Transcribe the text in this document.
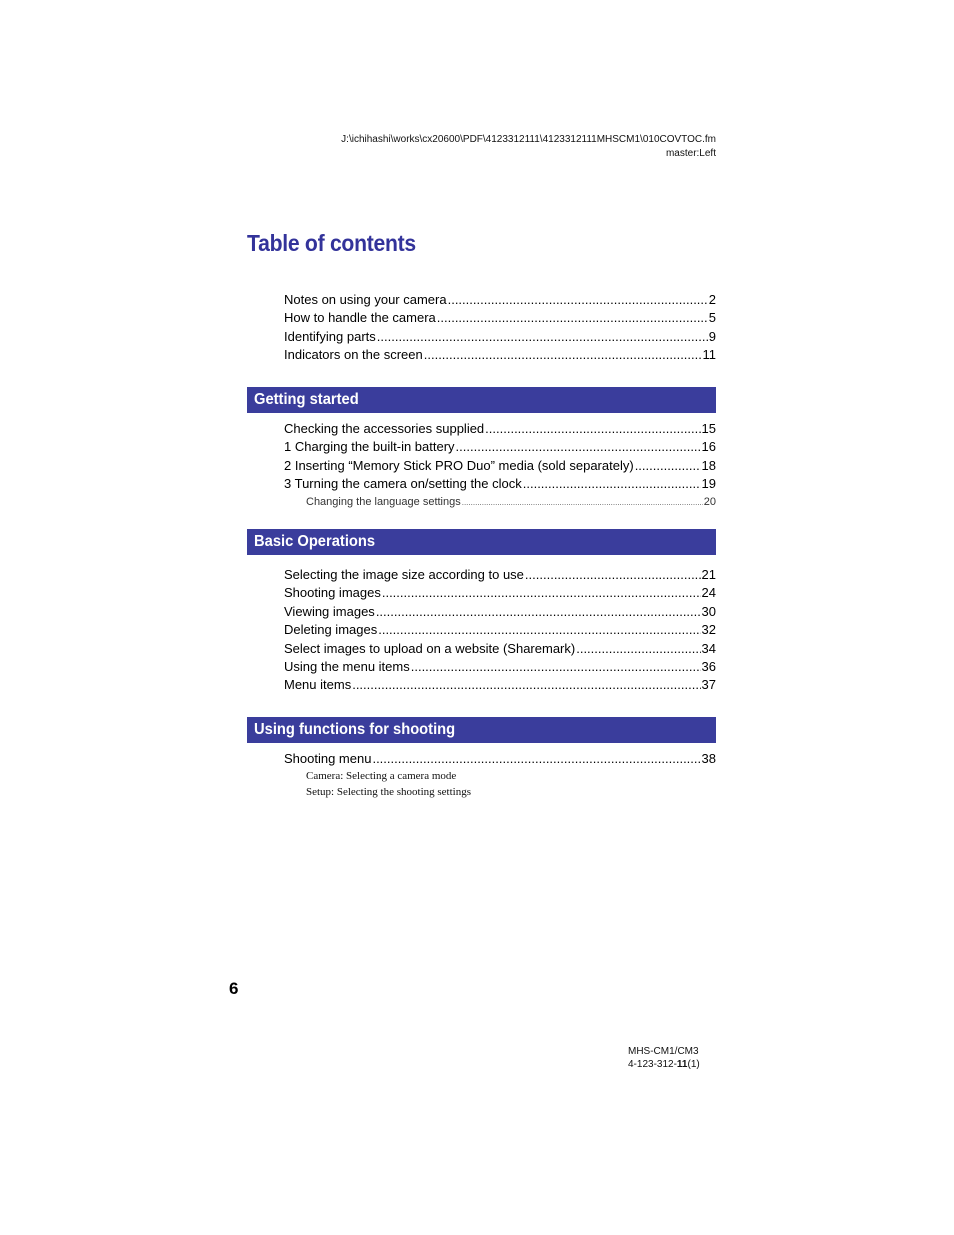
J:\ichihashi\works\cx20600\PDF\4123312111\4123312111MHSCM1\010COVTOC.fm
master:Left
Table of contents
Notes on using your camera .....	2
How to handle the camera .....	5
Identifying parts .....	9
Indicators on the screen .....	11
Getting started
Checking the accessories supplied .....	15
1 Charging the built-in battery .....	16
2 Inserting “Memory Stick PRO Duo” media (sold separately) .....	18
3 Turning the camera on/setting the clock .....	19
Changing the language settings .....	20
Basic Operations
Selecting the image size according to use .....	21
Shooting images .....	24
Viewing images .....	30
Deleting images .....	32
Select images to upload on a website (Sharemark) .....	34
Using the menu items .....	36
Menu items .....	37
Using functions for shooting
Shooting menu .....	38
Camera: Selecting a camera mode
Setup: Selecting the shooting settings
6
MHS-CM1/CM3
4-123-312-11(1)
